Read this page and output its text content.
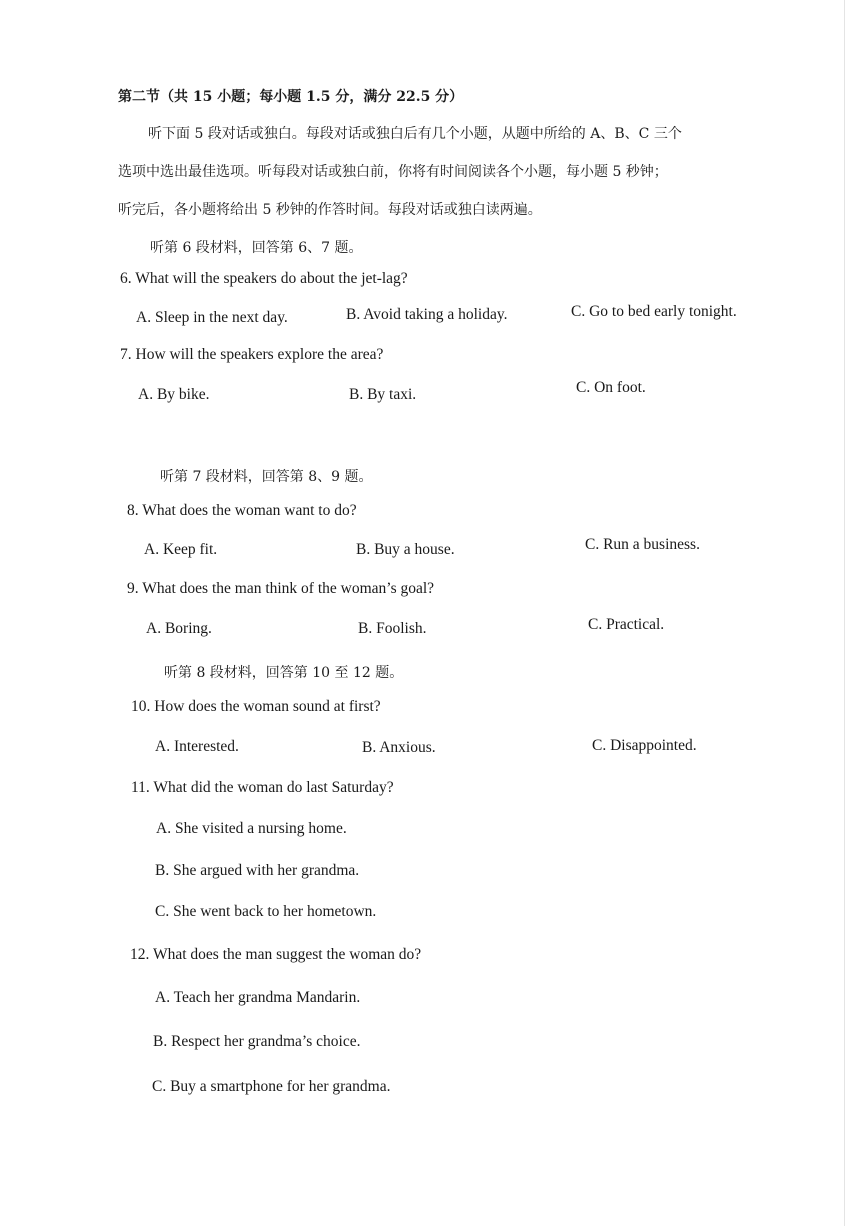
第二节（共 15 小题；每小题 1.5 分，满分 22.5 分）
听下面 5 段对话或独白。每段对话或独白后有几个小题，从题中所给的 A、B、C 三个
选项中选出最佳选项。听每段对话或独白前，你将有时间阅读各个小题，每小题 5 秒钟；
听完后，各小题将给出 5 秒钟的作答时间。每段对话或独白读两遍。
听第 6 段材料，回答第 6、7 题。
6. What will the speakers do about the jet-lag?
A. Sleep in the next day.	B. Avoid taking a holiday.	C. Go to bed early tonight.
7. How will the speakers explore the area?
A. By bike.	B. By taxi.	C. On foot.
听第 7 段材料，回答第 8、9 题。
8. What does the woman want to do?
A. Keep fit.	B. Buy a house.	C. Run a business.
9. What does the man think of the woman’s goal?
A. Boring.	B. Foolish.	C. Practical.
听第 8 段材料，回答第 10 至 12 题。
10. How does the woman sound at first?
A. Interested.	B. Anxious.	C. Disappointed.
11. What did the woman do last Saturday?
A. She visited a nursing home.
B. She argued with her grandma.
C. She went back to her hometown.
12. What does the man suggest the woman do?
A. Teach her grandma Mandarin.
B. Respect her grandma’s choice.
C. Buy a smartphone for her grandma.
